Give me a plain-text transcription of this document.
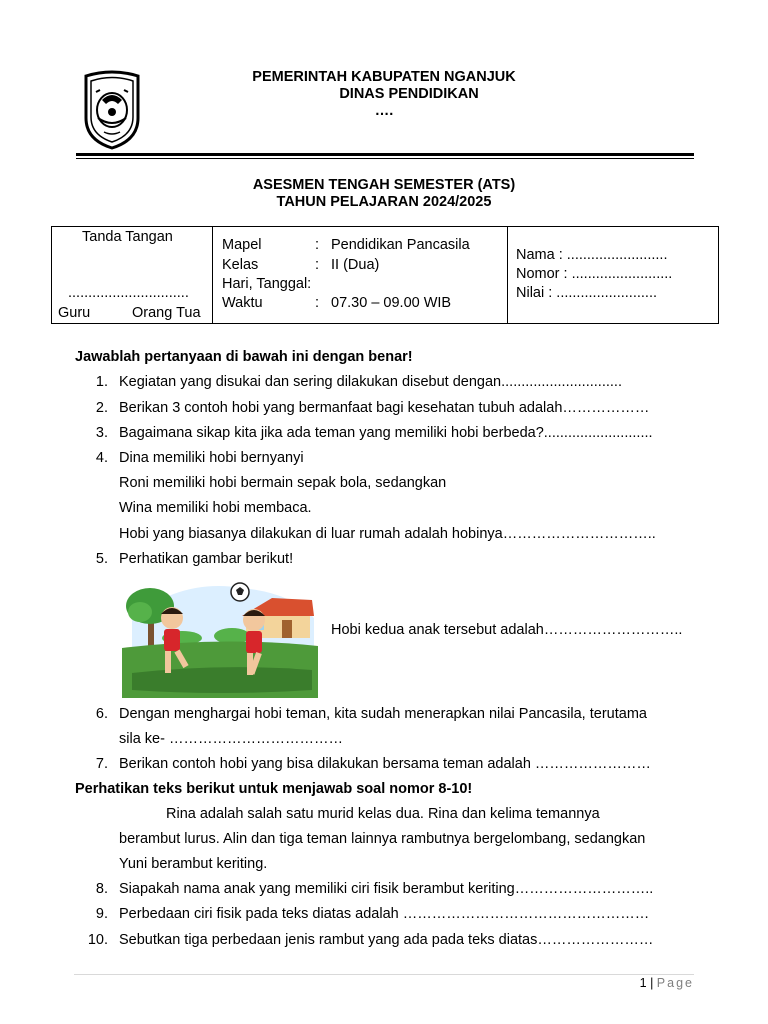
PEMERINTAH KABUPATEN NGANJUK
DINAS PENDIDIKAN
….
ASESMEN TENGAH SEMESTER (ATS)
TAHUN PELAJARAN 2024/2025
Tanda Tangan
..............................
Guru	Orang Tua

Mapel	: Pendidikan Pancasila
Kelas	: II (Dua)
Hari, Tanggal:
Waktu	: 07.30 – 09.00 WIB

Nama : .........................
Nomor : .........................
Nilai : .........................
Jawablah pertanyaan di bawah ini dengan benar!
1. Kegiatan yang disukai dan sering dilakukan disebut dengan..............................
2. Berikan 3 contoh hobi yang bermanfaat bagi kesehatan tubuh adalah………………
3. Bagaimana sikap kita jika ada teman yang memiliki hobi berbeda?...........................
4. Dina memiliki hobi bernyanyi
Roni memiliki hobi bermain sepak bola, sedangkan
Wina memiliki hobi membaca.
Hobi yang biasanya dilakukan di luar rumah adalah hobinya…………………………..
5. Perhatikan gambar berikut!
Hobi kedua anak tersebut adalah………………………..
6. Dengan menghargai hobi teman, kita sudah menerapkan nilai Pancasila, terutama
sila ke- ………………………………
7. Berikan contoh hobi yang bisa dilakukan bersama teman adalah ……………………
Perhatikan teks berikut untuk menjawab soal nomor 8-10!
Rina adalah salah satu murid kelas dua. Rina dan kelima temannya
berambut lurus. Alin dan tiga teman lainnya rambutnya bergelombang, sedangkan
Yuni berambut keriting.
8. Siapakah nama anak yang memiliki ciri fisik berambut keriting………………………..
9. Perbedaan ciri fisik pada teks diatas adalah ……………………………………………
10. Sebutkan tiga perbedaan jenis rambut yang ada pada teks diatas……………………
1 | Page
